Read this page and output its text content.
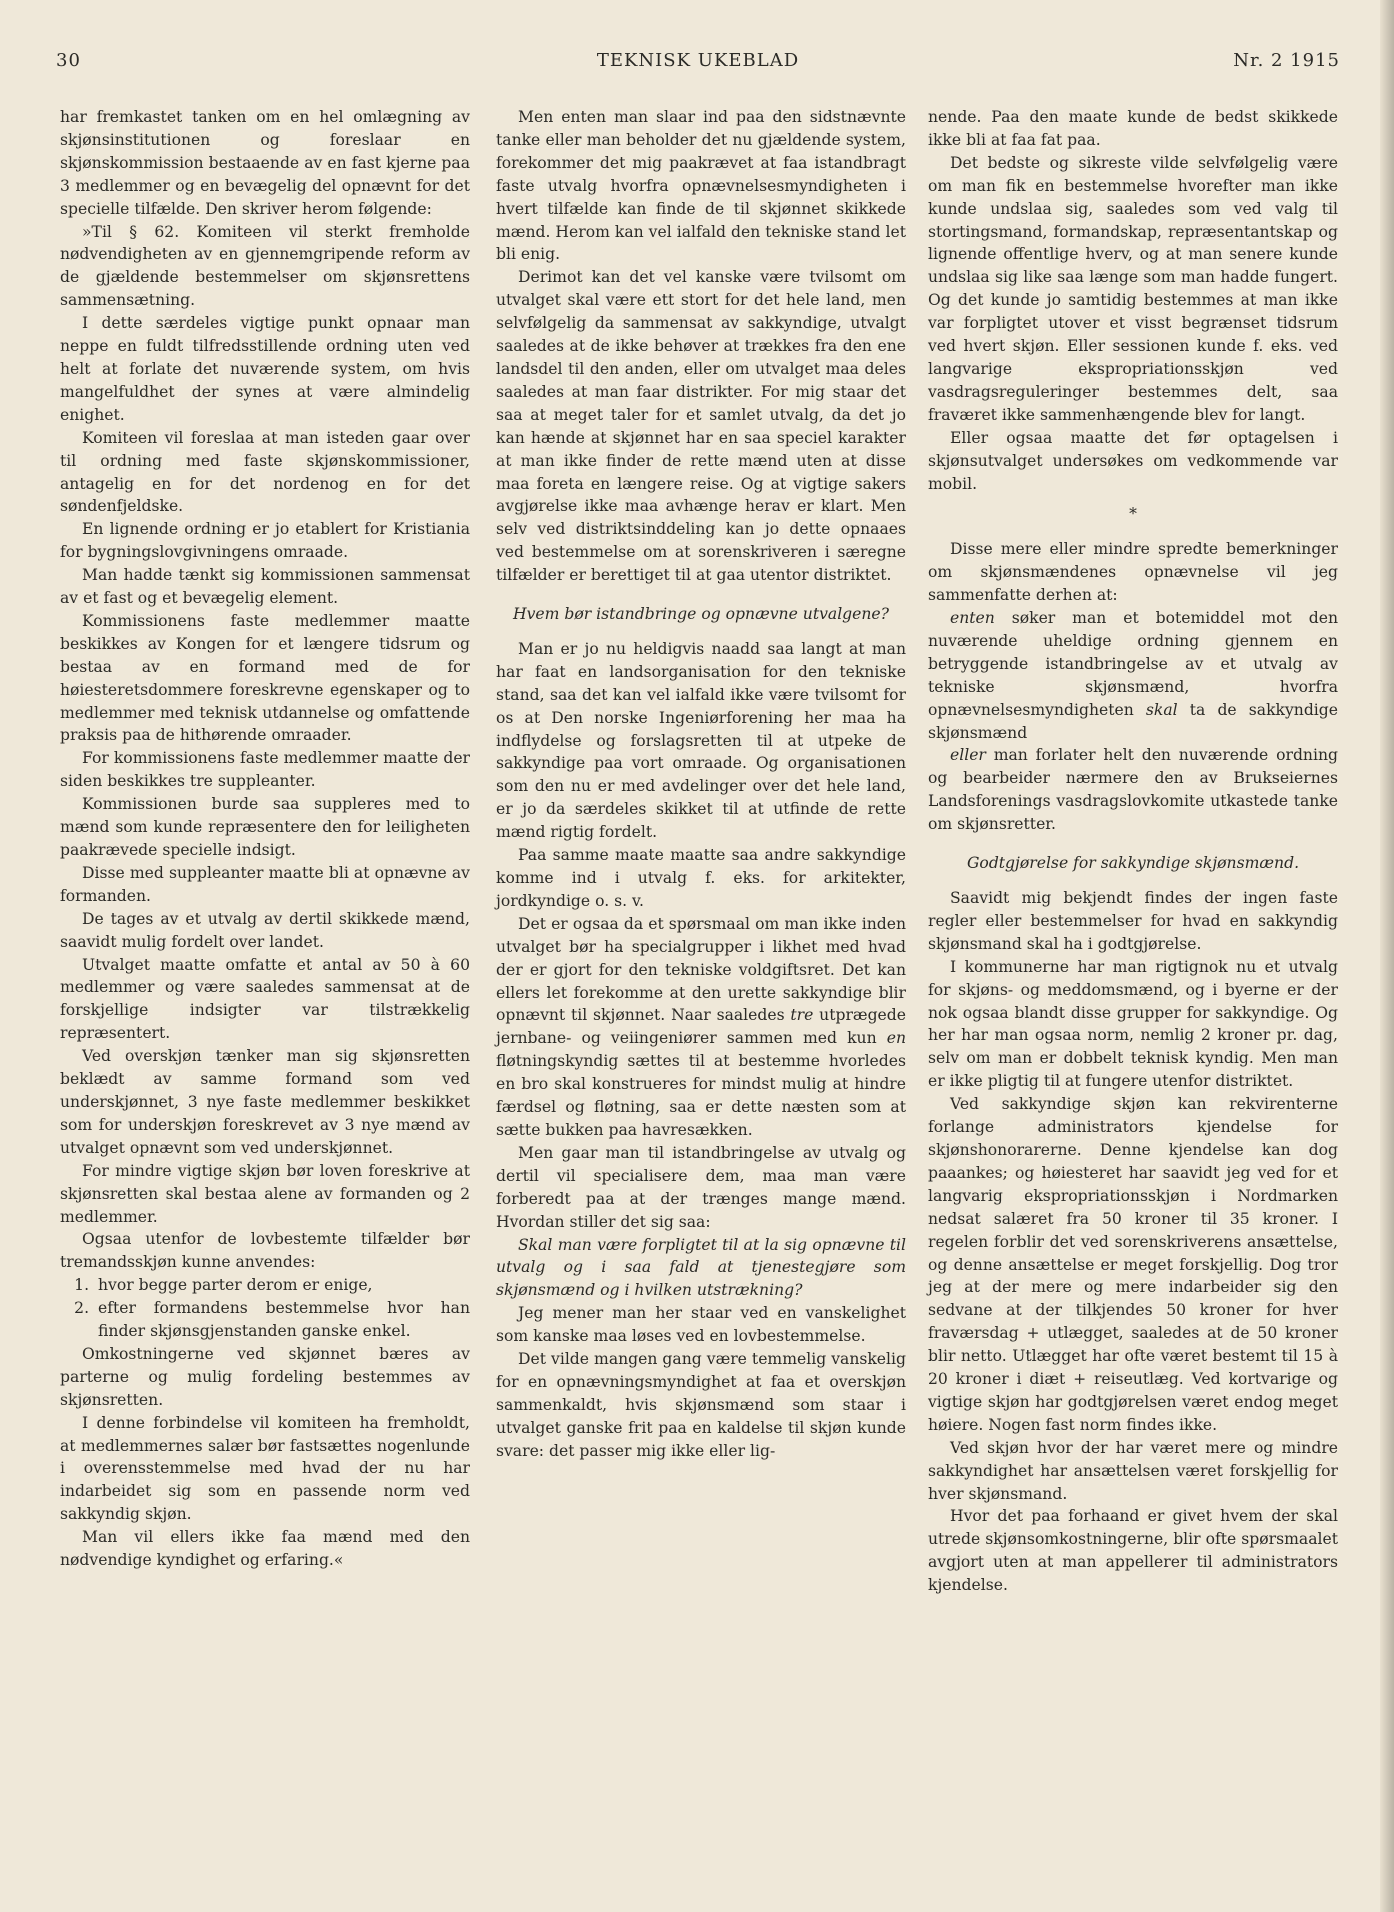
30	TEKNISK UKEBLAD	Nr. 2 1915

har fremkastet tanken om en hel omlægning av skjønsinstitutionen og foreslaar en skjønskommission bestaaende av en fast kjerne paa 3 medlemmer og en bevægelig del opnævnt for det specielle tilfælde. Den skriver herom følgende:

»Til § 62. Komiteen vil sterkt fremholde nødvendigheten av en gjennemgripende reform av de gjældende bestemmelser om skjønsrettens sammensætning.

I dette særdeles vigtige punkt opnaar man neppe en fuldt tilfredsstillende ordning uten ved helt at forlate det nuværende system, om hvis mangelfuldhet der synes at være almindelig enighet.

Komiteen vil foreslaa at man isteden gaar over til ordning med faste skjønskommissioner, antagelig en for det nordenog en for det søndenfjeldske.

En lignende ordning er jo etablert for Kristiania for bygningslovgivningens omraade.

Man hadde tænkt sig kommissionen sammensat av et fast og et bevægelig element.

Kommissionens faste medlemmer maatte beskikkes av Kongen for et længere tidsrum og bestaa av en formand med de for høiesteretsdommere foreskrevne egenskaper og to medlemmer med teknisk utdannelse og omfattende praksis paa de hithørende omraader.

For kommissionens faste medlemmer maatte der siden beskikkes tre suppleanter.

Kommissionen burde saa suppleres med to mænd som kunde repræsentere den for leiligheten paakrævede specielle indsigt.

Disse med suppleanter maatte bli at opnævne av formanden.

De tages av et utvalg av dertil skikkede mænd, saavidt mulig fordelt over landet.

Utvalget maatte omfatte et antal av 50 à 60 medlemmer og være saaledes sammensat at de forskjellige indsigter var tilstrækkelig repræsentert.

Ved overskjøn tænker man sig skjønsretten beklædt av samme formand som ved underskjønnet, 3 nye faste medlemmer beskikket som for underskjøn foreskrevet av 3 nye mænd av utvalget opnævnt som ved underskjønnet.

For mindre vigtige skjøn bør loven foreskrive at skjønsretten skal bestaa alene av formanden og 2 medlemmer.

Ogsaa utenfor de lovbestemte tilfælder bør tremandsskjøn kunne anvendes:

1. hvor begge parter derom er enige,
2. efter formandens bestemmelse hvor han finder skjønsgjenstanden ganske enkel.

Omkostningerne ved skjønnet bæres av parterne og mulig fordeling bestemmes av skjønsretten.

I denne forbindelse vil komiteen ha fremholdt, at medlemmernes salær bør fastsættes nogenlunde i overensstemmelse med hvad der nu har indarbeidet sig som en passende norm ved sakkyndig skjøn.

Man vil ellers ikke faa mænd med den nødvendige kyndighet og erfaring.«

Men enten man slaar ind paa den sidstnævnte tanke eller man beholder det nu gjældende system, forekommer det mig paakrævet at faa istandbragt faste utvalg hvorfra opnævnelsesmyndigheten i hvert tilfælde kan finde de til skjønnet skikkede mænd. Herom kan vel ialfald den tekniske stand let bli enig.

Derimot kan det vel kanske være tvilsomt om utvalget skal være ett stort for det hele land, men selvfølgelig da sammensat av sakkyndige, utvalgt saaledes at de ikke behøver at trækkes fra den ene landsdel til den anden, eller om utvalget maa deles saaledes at man faar distrikter. For mig staar det saa at meget taler for et samlet utvalg, da det jo kan hænde at skjønnet har en saa speciel karakter at man ikke finder de rette mænd uten at disse maa foreta en længere reise. Og at vigtige sakers avgjørelse ikke maa avhænge herav er klart. Men selv ved distriktsinddeling kan jo dette opnaaes ved bestemmelse om at sorenskriveren i særegne tilfælder er berettiget til at gaa utentor distriktet.

Hvem bør istandbringe og opnævne utvalgene?

Man er jo nu heldigvis naadd saa langt at man har faat en landsorganisation for den tekniske stand, saa det kan vel ialfald ikke være tvilsomt for os at Den norske Ingeniørforening her maa ha indflydelse og forslagsretten til at utpeke de sakkyndige paa vort omraade. Og organisationen som den nu er med avdelinger over det hele land, er jo da særdeles skikket til at utfinde de rette mænd rigtig fordelt.

Paa samme maate maatte saa andre sakkyndige komme ind i utvalg f. eks. for arkitekter, jordkyndige o. s. v.

Det er ogsaa da et spørsmaal om man ikke inden utvalget bør ha specialgrupper i likhet med hvad der er gjort for den tekniske voldgiftsret. Det kan ellers let forekomme at den urette sakkyndige blir opnævnt til skjønnet. Naar saaledes tre utprægede jernbane- og veiingeniører sammen med kun en fløtningskyndig sættes til at bestemme hvorledes en bro skal konstrueres for mindst mulig at hindre færdsel og fløtning, saa er dette næsten som at sætte bukken paa havresækken.

Men gaar man til istandbringelse av utvalg og dertil vil specialisere dem, maa man være forberedt paa at der trænges mange mænd. Hvordan stiller det sig saa:

Skal man være forpligtet til at la sig opnævne til utvalg og i saa fald at tjenestegjøre som skjønsmænd og i hvilken utstrækning?

Jeg mener man her staar ved en vanskelighet som kanske maa løses ved en lovbestemmelse.

Det vilde mangen gang være temmelig vanskelig for en opnævningsmyndighet at faa et overskjøn sammenkaldt, hvis skjønsmænd som staar i utvalget ganske frit paa en kaldelse til skjøn kunde svare: det passer mig ikke eller lig-

nende. Paa den maate kunde de bedst skikkede ikke bli at faa fat paa.

Det bedste og sikreste vilde selvfølgelig være om man fik en bestemmelse hvorefter man ikke kunde undslaa sig, saaledes som ved valg til stortingsmand, formandskap, repræsentantskap og lignende offentlige hverv, og at man senere kunde undslaa sig like saa længe som man hadde fungert. Og det kunde jo samtidig bestemmes at man ikke var forpligtet utover et visst begrænset tidsrum ved hvert skjøn. Eller sessionen kunde f. eks. ved langvarige ekspropriationsskjøn ved vasdragsreguleringer bestemmes delt, saa fraværet ikke sammenhængende blev for langt.

Eller ogsaa maatte det før optagelsen i skjønsutvalget undersøkes om vedkommende var mobil.

*

Disse mere eller mindre spredte bemerkninger om skjønsmændenes opnævnelse vil jeg sammenfatte derhen at:

enten søker man et botemiddel mot den nuværende uheldige ordning gjennem en betryggende istandbringelse av et utvalg av tekniske skjønsmænd, hvorfra opnævnelsesmyndigheten skal ta de sakkyndige skjønsmænd

eller man forlater helt den nuværende ordning og bearbeider nærmere den av Brukseiernes Landsforenings vasdragslovkomite utkastede tanke om skjønsretter.

Godtgjørelse for sakkyndige skjønsmænd.

Saavidt mig bekjendt findes der ingen faste regler eller bestemmelser for hvad en sakkyndig skjønsmand skal ha i godtgjørelse.

I kommunerne har man rigtignok nu et utvalg for skjøns- og meddomsmænd, og i byerne er der nok ogsaa blandt disse grupper for sakkyndige. Og her har man ogsaa norm, nemlig 2 kroner pr. dag, selv om man er dobbelt teknisk kyndig. Men man er ikke pligtig til at fungere utenfor distriktet.

Ved sakkyndige skjøn kan rekvirenterne forlange administrators kjendelse for skjønshonorarerne. Denne kjendelse kan dog paaankes; og høiesteret har saavidt jeg ved for et langvarig ekspropriationsskjøn i Nordmarken nedsat salæret fra 50 kroner til 35 kroner. I regelen forblir det ved sorenskriverens ansættelse, og denne ansættelse er meget forskjellig. Dog tror jeg at der mere og mere indarbeider sig den sedvane at der tilkjendes 50 kroner for hver fraværsdag + utlægget, saaledes at de 50 kroner blir netto. Utlægget har ofte været bestemt til 15 à 20 kroner i diæt + reiseutlæg. Ved kortvarige og vigtige skjøn har godtgjørelsen været endog meget høiere. Nogen fast norm findes ikke.

Ved skjøn hvor der har været mere og mindre sakkyndighet har ansættelsen været forskjellig for hver skjønsmand.

Hvor det paa forhaand er givet hvem der skal utrede skjønsomkostningerne, blir ofte spørsmaalet avgjort uten at man appellerer til administrators kjendelse.
